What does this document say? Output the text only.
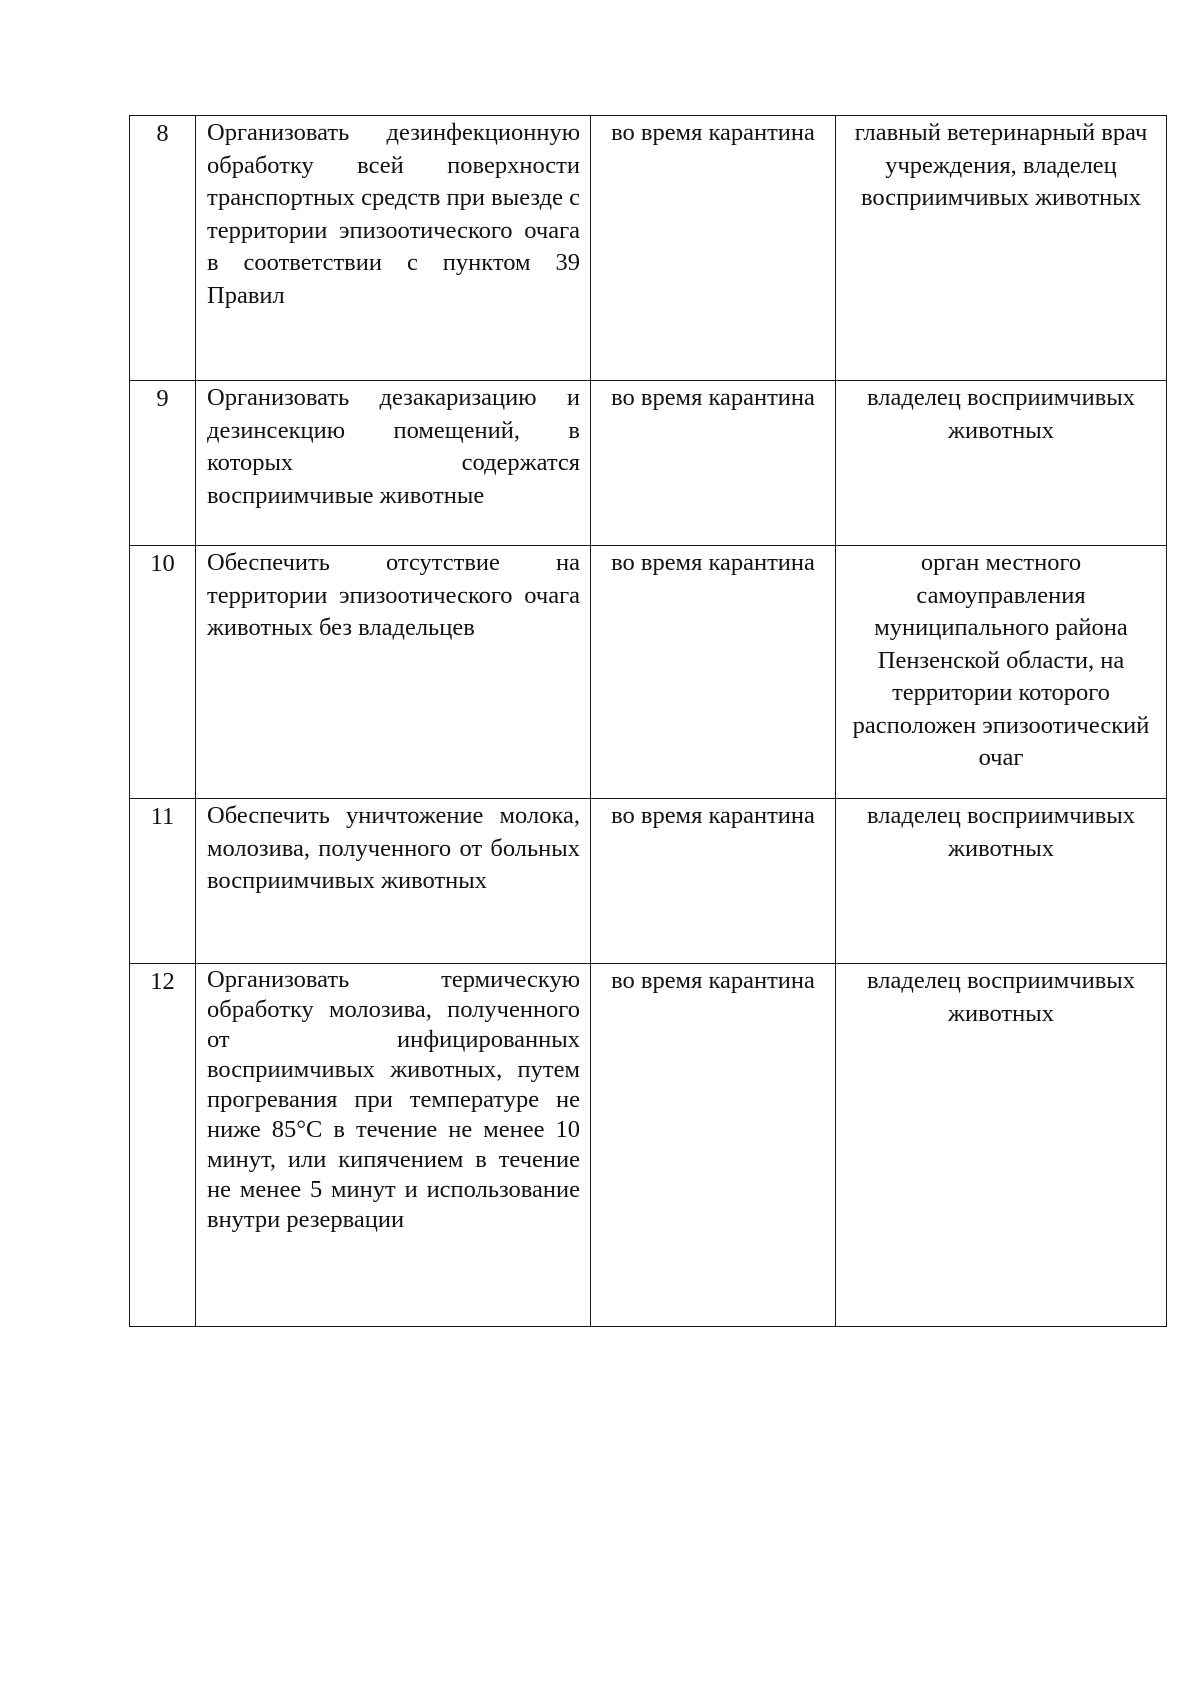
8	Организовать дезинфекционную обработку всей поверхности транспортных средств при выезде с территории эпизоотического очага в соответствии с пунктом 39 Правил	во время карантина	главный ветеринарный врач учреждения, владелец восприимчивых животных
9	Организовать дезакаризацию и дезинсекцию помещений, в которых содержатся восприимчивые животные	во время карантина	владелец восприимчивых животных
10	Обеспечить отсутствие на территории эпизоотического очага животных без владельцев	во время карантина	орган местного самоуправления муниципального района Пензенской области, на территории которого расположен эпизоотический очаг
11	Обеспечить уничтожение молока, молозива, полученного от больных восприимчивых животных	во время карантина	владелец восприимчивых животных
12	Организовать термическую обработку молозива, полученного от инфицированных восприимчивых животных, путем прогревания при температуре не ниже 85°C в течение не менее 10 минут, или кипячением в течение не менее 5 минут и использование внутри резервации	во время карантина	владелец восприимчивых животных
